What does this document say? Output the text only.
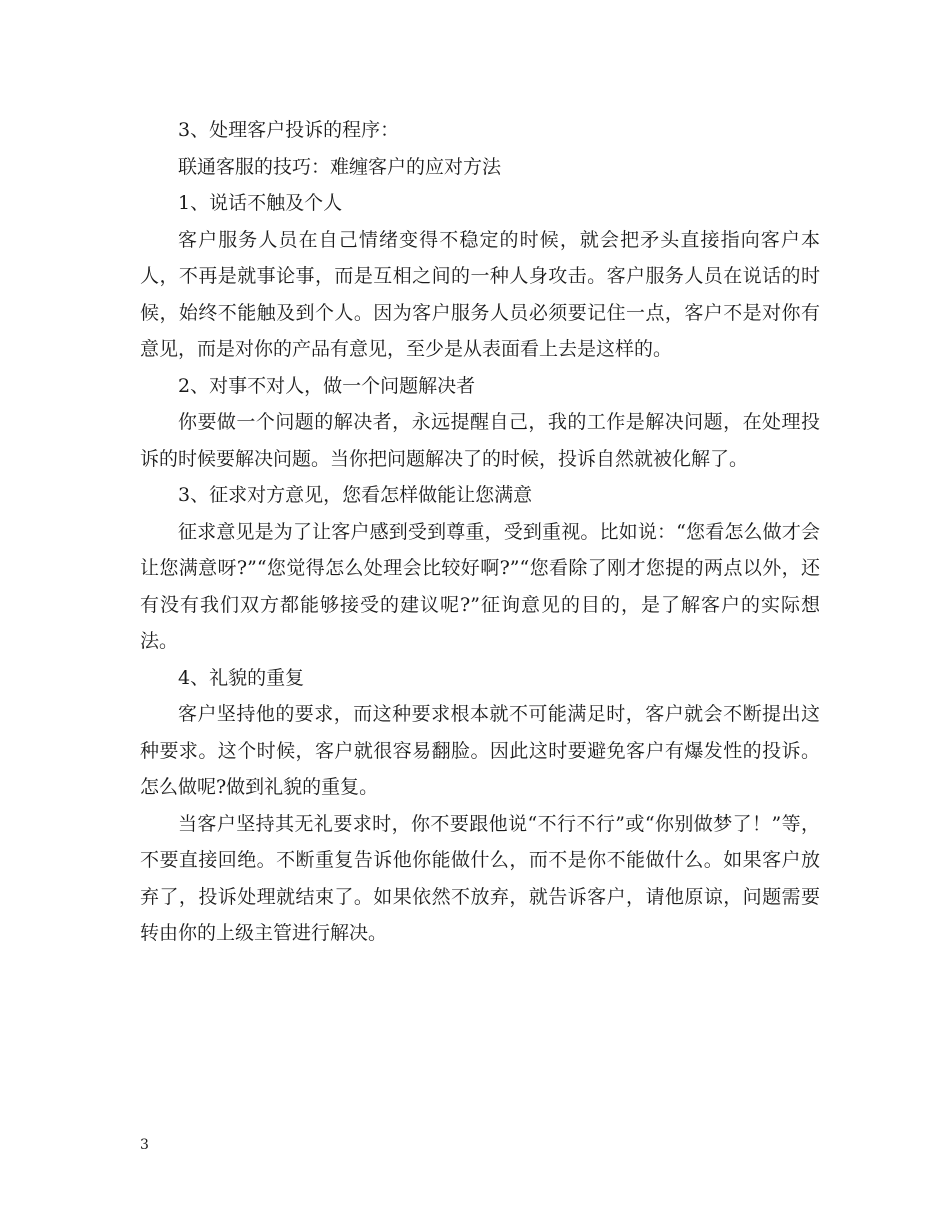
3、处理客户投诉的程序：

联通客服的技巧：难缠客户的应对方法

1、说话不触及个人

客户服务人员在自己情绪变得不稳定的时候，就会把矛头直接指向客户本人，不再是就事论事，而是互相之间的一种人身攻击。客户服务人员在说话的时候，始终不能触及到个人。因为客户服务人员必须要记住一点，客户不是对你有意见，而是对你的产品有意见，至少是从表面看上去是这样的。

2、对事不对人，做一个问题解决者

你要做一个问题的解决者，永远提醒自己，我的工作是解决问题，在处理投诉的时候要解决问题。当你把问题解决了的时候，投诉自然就被化解了。

3、征求对方意见，您看怎样做能让您满意

征求意见是为了让客户感到受到尊重，受到重视。比如说：“您看怎么做才会让您满意呀?”“您觉得怎么处理会比较好啊?”“您看除了刚才您提的两点以外，还有没有我们双方都能够接受的建议呢?”征询意见的目的，是了解客户的实际想法。

4、礼貌的重复

客户坚持他的要求，而这种要求根本就不可能满足时，客户就会不断提出这种要求。这个时候，客户就很容易翻脸。因此这时要避免客户有爆发性的投诉。怎么做呢?做到礼貌的重复。

当客户坚持其无礼要求时，你不要跟他说“不行不行”或“你别做梦了！”等，不要直接回绝。不断重复告诉他你能做什么，而不是你不能做什么。如果客户放弃了，投诉处理就结束了。如果依然不放弃，就告诉客户，请他原谅，问题需要转由你的上级主管进行解决。

3
